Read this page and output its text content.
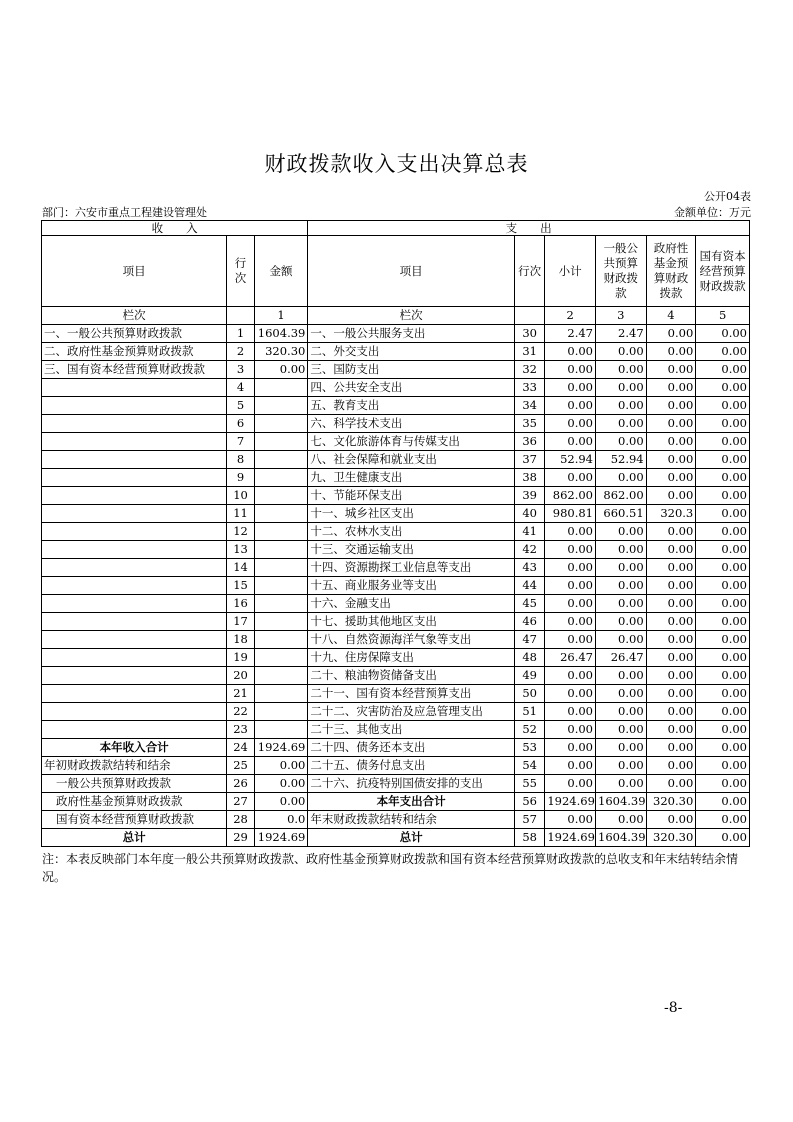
财政拨款收入支出决算总表
公开04表
部门：六安市重点工程建设管理处	金额单位：万元
收　　入			支　　出					
项目	行次	金额	项目	行次	小计	一般公共预算财政拨款	政府性基金预算财政拨款	国有资本经营预算财政拨款
栏次		1	栏次		2	3	4	5
一、一般公共预算财政拨款	1	1604.39	一、一般公共服务支出	30	2.47	2.47	0.00	0.00
二、政府性基金预算财政拨款	2	320.30	二、外交支出	31	0.00	0.00	0.00	0.00
三、国有资本经营预算财政拨款	3	0.00	三、国防支出	32	0.00	0.00	0.00	0.00
	4		四、公共安全支出	33	0.00	0.00	0.00	0.00
	5		五、教育支出	34	0.00	0.00	0.00	0.00
	6		六、科学技术支出	35	0.00	0.00	0.00	0.00
	7		七、文化旅游体育与传媒支出	36	0.00	0.00	0.00	0.00
	8		八、社会保障和就业支出	37	52.94	52.94	0.00	0.00
	9		九、卫生健康支出	38	0.00	0.00	0.00	0.00
	10		十、节能环保支出	39	862.00	862.00	0.00	0.00
	11		十一、城乡社区支出	40	980.81	660.51	320.3	0.00
	12		十二、农林水支出	41	0.00	0.00	0.00	0.00
	13		十三、交通运输支出	42	0.00	0.00	0.00	0.00
	14		十四、资源勘探工业信息等支出	43	0.00	0.00	0.00	0.00
	15		十五、商业服务业等支出	44	0.00	0.00	0.00	0.00
	16		十六、金融支出	45	0.00	0.00	0.00	0.00
	17		十七、援助其他地区支出	46	0.00	0.00	0.00	0.00
	18		十八、自然资源海洋气象等支出	47	0.00	0.00	0.00	0.00
	19		十九、住房保障支出	48	26.47	26.47	0.00	0.00
	20		二十、粮油物资储备支出	49	0.00	0.00	0.00	0.00
	21		二十一、国有资本经营预算支出	50	0.00	0.00	0.00	0.00
	22		二十二、灾害防治及应急管理支出	51	0.00	0.00	0.00	0.00
	23		二十三、其他支出	52	0.00	0.00	0.00	0.00
本年收入合计	24	1924.69	二十四、债务还本支出	53	0.00	0.00	0.00	0.00
年初财政拨款结转和结余	25	0.00	二十五、债务付息支出	54	0.00	0.00	0.00	0.00
一般公共预算财政拨款	26	0.00	二十六、抗疫特别国债安排的支出	55	0.00	0.00	0.00	0.00
政府性基金预算财政拨款	27	0.00	本年支出合计	56	1924.69	1604.39	320.30	0.00
国有资本经营预算财政拨款	28	0.0	年末财政拨款结转和结余	57	0.00	0.00	0.00	0.00
总计	29	1924.69	总计	58	1924.69	1604.39	320.30	0.00
注：本表反映部门本年度一般公共预算财政拨款、政府性基金预算财政拨款和国有资本经营预算财政拨款的总收支和年末结转结余情况。
-8-
